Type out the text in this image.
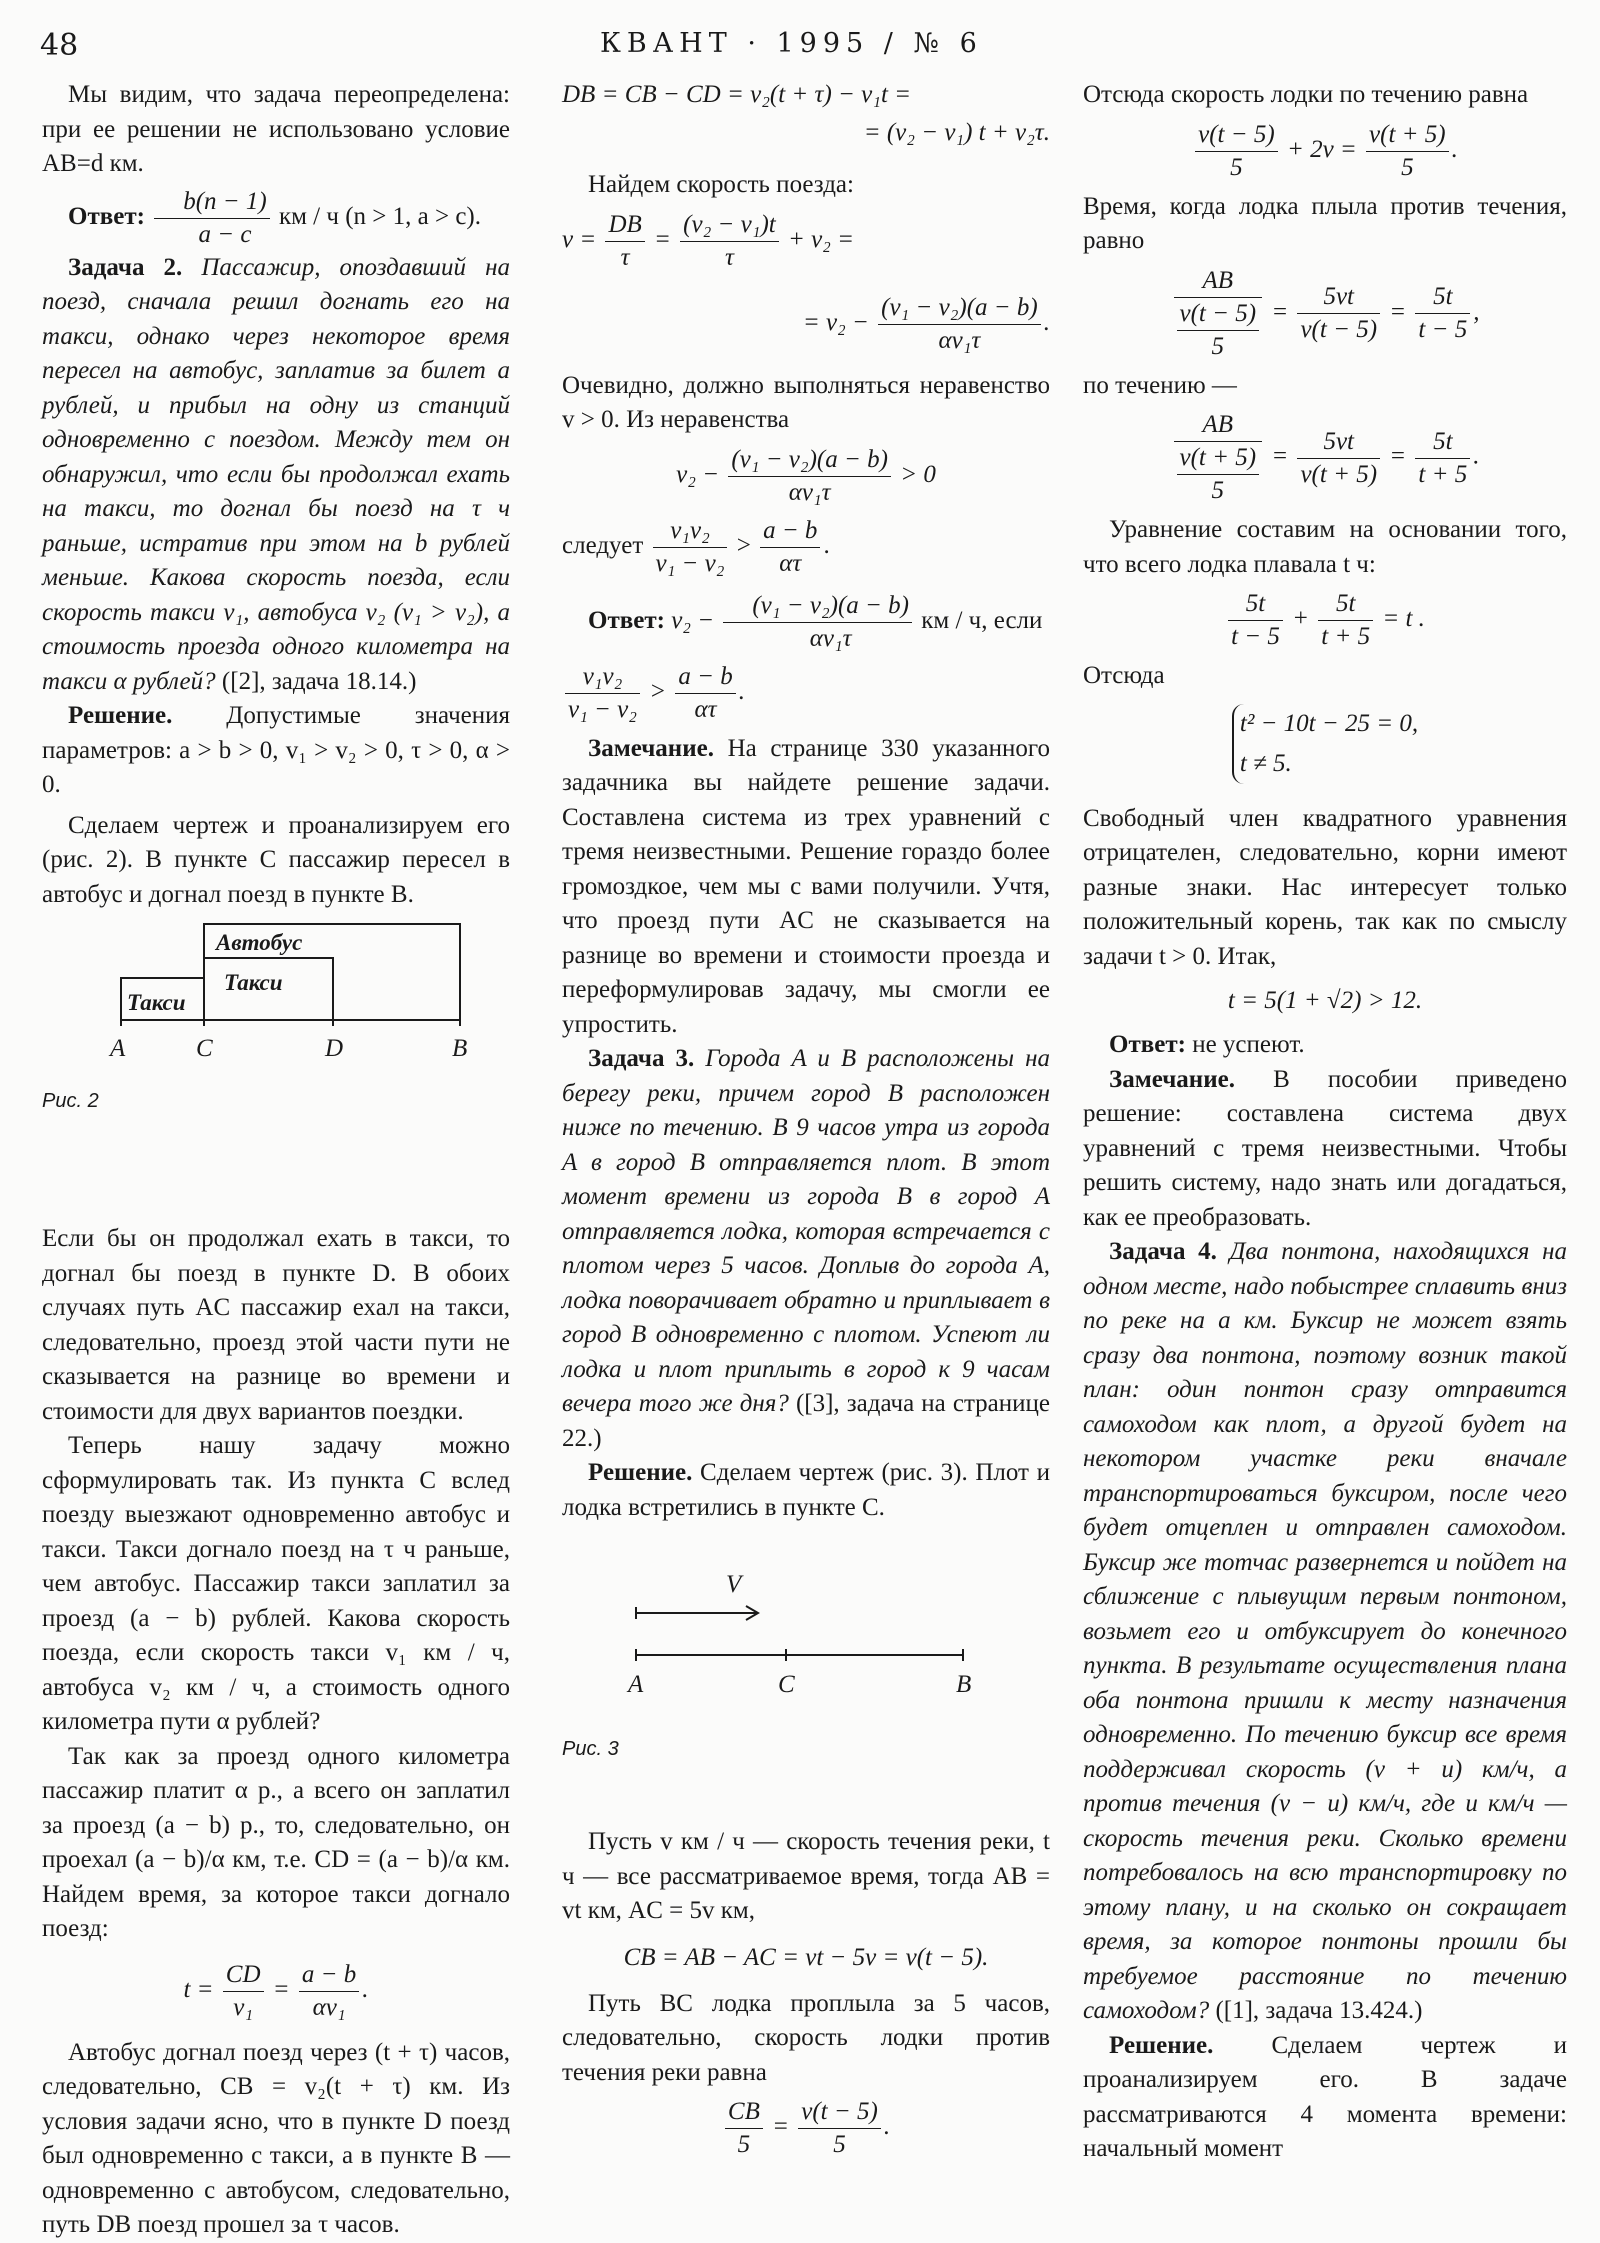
48	КВАНТ · 1995 / № 6

Мы видим, что задача переопределена: при ее решении не использовано условие AB=d км.

Ответ: $\frac{b(n - 1)}{a - c}$ км / ч (n > 1, a > c).

Задача 2. Пассажир, опоздавший на поезд, сначала решил догнать его на такси, однако через некоторое время пересел на автобус, заплатив за билет a рублей, и прибыл на одну из станций одновременно с поездом. Между тем он обнаружил, что если бы продолжал ехать на такси, то догнал бы поезд на τ ч раньше, истратив при этом на b рублей меньше. Какова скорость поезда, если скорость такси v₁, автобуса v₂ (v₁ > v₂), а стоимость проезда одного километра на такси α рублей? ([2], задача 18.14.)

Решение. Допустимые значения параметров: a > b > 0, v₁ > v₂ > 0, τ > 0, α > 0.

Сделаем чертеж и проанализируем его (рис. 2). В пункте C пассажир пересел в автобус и догнал поезд в пункте B.

Если бы он продолжал ехать в такси, то догнал бы поезд в пункте D. В обоих случаях путь AC пассажир ехал на такси, следовательно, проезд этой части пути не сказывается на разнице во времени и стоимости для двух вариантов поездки.

Теперь нашу задачу можно сформулировать так. Из пункта C вслед поезду выезжают одновременно автобус и такси. Такси догнало поезд на τ ч раньше, чем автобус. Пассажир такси заплатил за проезд (a − b) рублей. Какова скорость поезда, если скорость такси v₁ км / ч, автобуса v₂ км / ч, а стоимость одного километра пути α рублей?

Так как за проезд одного километра пассажир платит α р., а всего он заплатил за проезд (a − b) р., то, следовательно, он проехал (a − b)/α км, т.е. CD = (a − b)/α км. Найдем время, за которое такси догнало поезд:

$t = \frac{CD}{\text{v₁}} = \frac{a - b}{\text{αv₁}}$ .

Автобус догнал поезд через (t + τ) часов, следовательно, CB = v₂(t + τ) км. Из условия задачи ясно, что в пункте D поезд был одновременно с такси, а в пункте B — одновременно с автобусом, следовательно, путь DB поезд прошел за τ часов.

Автобус
Такси
Такси
A	C	D	B
Рис. 2
DB = CB − CD = v₂(t + τ) − v₁t =
= (v₂ − v₁) t + v₂τ.

Найдем скорость поезда:

$v = \frac{DB}{\tau} = \frac{\text{(v₂ − v₁)t}}{\tau} + v_2$ =
= $v_2 - \frac{\text{(v₁ − v₂)(a − b)}}{\text{αv₁τ}}$ .

Очевидно, должно выполняться неравенство v > 0. Из неравенства

$v_2 - \frac{\text{(v₁ − v₂)(a − b)}}{\text{αv₁τ}} > 0$
следует $\frac{\text{v₁v₂}}{\text{v₁ − v₂}} > \frac{a - b}{\alpha\tau}$ .

Ответ: $v_2 - \frac{\text{(v₁ − v₂)(a − b)}}{\text{αv₁τ}}$ км / ч, если

$\frac{\text{v₁v₂}}{\text{v₁ − v₂}} > \frac{a - b}{\alpha\tau}$ .

Замечание. На странице 330 указанного задачника вы найдете решение задачи. Составлена система из трех уравнений с тремя неизвестными. Решение гораздо более громоздкое, чем мы с вами получили. Учтя, что проезд пути AC не сказывается на разнице во времени и стоимости проезда и переформулировав задачу, мы смогли ее упростить.

Задача 3. Города A и B расположены на берегу реки, причем город B расположен ниже по течению. В 9 часов утра из города A в город B отправляется плот. В этот момент времени из города B в город A отправляется лодка, которая встречается с плотом через 5 часов. Доплыв до города A, лодка поворачивает обратно и приплывает в город B одновременно с плотом. Успеют ли лодка и плот приплыть в город к 9 часам вечера того же дня? ([3], задача на странице 22.)

Решение. Сделаем чертеж (рис. 3). Плот и лодка встретились в пункте C.

Пусть v км / ч — скорость течения реки, t ч — все рассматриваемое время, тогда AB = vt км, AC = 5v км,

CB = AB − AC = vt − 5v = v(t − 5).

Путь BC лодка проплыла за 5 часов, следовательно, скорость лодки против течения реки равна

$\frac{CB}{5} = \frac{v(t - 5)}{5}$ .
V
A	C	B
Рис. 3

Отсюда скорость лодки по течению равна

$\frac{v(t - 5)}{5} + 2v = \frac{v(t + 5)}{5}$ .

Время, когда лодка плыла против течения, равно

$\frac{AB}{\frac{v(t - 5)}{5}} = \frac{5vt}{v(t - 5)} = \frac{5t}{t - 5}$ ,

по течению —

$\frac{AB}{\frac{v(t + 5)}{5}} = \frac{5vt}{v(t + 5)} = \frac{5t}{t + 5}$ .

Уравнение составим на основании того, что всего лодка плавала t ч:

$\frac{5t}{t - 5} + \frac{5t}{t + 5} = t$ .

Отсюда

t² − 10t − 25 = 0,
t ≠ 5.

Свободный член квадратного уравнения отрицателен, следовательно, корни имеют разные знаки. Нас интересует только положительный корень, так как по смыслу задачи t > 0. Итак,

t = 5(1 + √2) > 12.

Ответ: не успеют.

Замечание. В пособии приведено решение: составлена система двух уравнений с тремя неизвестными. Чтобы решить систему, надо знать или догадаться, как ее преобразовать.

Задача 4. Два понтона, находящихся на одном месте, надо побыстрее сплавить вниз по реке на a км. Буксир не может взять сразу два понтона, поэтому возник такой план: один понтон сразу отправится самоходом как плот, а другой будет на некотором участке реки вначале транспортироваться буксиром, после чего будет отцеплен и отправлен самоходом. Буксир же тотчас развернется и пойдет на сближение с плывущим первым понтоном, возьмет его и отбуксирует до конечного пункта. В результате осуществления плана оба понтона пришли к месту назначения одновременно. По течению буксир все время поддерживал скорость (v + u) км/ч, а против течения (v − u) км/ч, где u км/ч — скорость течения реки. Сколько времени потребовалось на всю транспортировку по этому плану, и на сколько он сокращает время, за которое понтоны прошли бы требуемое расстояние по течению самоходом? ([1], задача 13.424.)

Решение. Сделаем чертеж и проанализируем его. В задаче рассматриваются 4 момента времени: начальный момент
